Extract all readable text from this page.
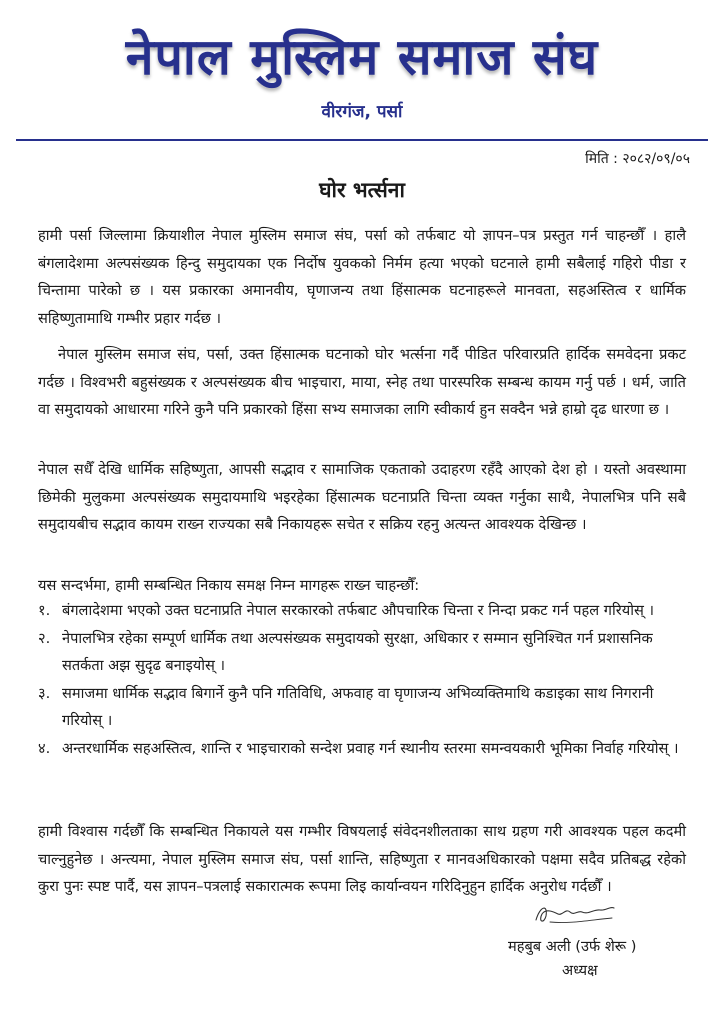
नेपाल मुस्लिम समाज संघ
वीरगंज, पर्सा
मिति : २०८२/०९/०५
घोर भर्त्सना

हामी पर्सा जिल्लामा क्रियाशील नेपाल मुस्लिम समाज संघ, पर्सा को तर्फबाट यो ज्ञापन–पत्र प्रस्तुत गर्न चाहन्छौँ । हालै बंगलादेशमा अल्पसंख्यक हिन्दु समुदायका एक निर्दोष युवकको निर्मम हत्या भएको घटनाले हामी सबैलाई गहिरो पीडा र चिन्तामा पारेको छ । यस प्रकारका अमानवीय, घृणाजन्य तथा हिंसात्मक घटनाहरूले मानवता, सहअस्तित्व र धार्मिक सहिष्णुतामाथि गम्भीर प्रहार गर्दछ ।

नेपाल मुस्लिम समाज संघ, पर्सा, उक्त हिंसात्मक घटनाको घोर भर्त्सना गर्दै पीडित परिवारप्रति हार्दिक समवेदना प्रकट गर्दछ । विश्वभरी बहुसंख्यक र अल्पसंख्यक बीच भाइचारा, माया, स्नेह तथा पारस्परिक सम्बन्ध कायम गर्नु पर्छ । धर्म, जाति वा समुदायको आधारमा गरिने कुनै पनि प्रकारको हिंसा सभ्य समाजका लागि स्वीकार्य हुन सक्दैन भन्ने हाम्रो दृढ धारणा छ ।

नेपाल सधैँ देखि धार्मिक सहिष्णुता, आपसी सद्भाव र सामाजिक एकताको उदाहरण रहँदै आएको देश हो । यस्तो अवस्थामा छिमेकी मुलुकमा अल्पसंख्यक समुदायमाथि भइरहेका हिंसात्मक घटनाप्रति चिन्ता व्यक्त गर्नुका साथै, नेपालभित्र पनि सबै समुदायबीच सद्भाव कायम राख्न राज्यका सबै निकायहरू सचेत र सक्रिय रहनु अत्यन्त आवश्यक देखिन्छ ।

यस सन्दर्भमा, हामी सम्बन्धित निकाय समक्ष निम्न मागहरू राख्न चाहन्छौँ:

१. बंगलादेशमा भएको उक्त घटनाप्रति नेपाल सरकारको तर्फबाट औपचारिक चिन्ता र निन्दा प्रकट गर्न पहल गरियोस् ।
२. नेपालभित्र रहेका सम्पूर्ण धार्मिक तथा अल्पसंख्यक समुदायको सुरक्षा, अधिकार र सम्मान सुनिश्चित गर्न प्रशासनिक सतर्कता अझ सुदृढ बनाइयोस् ।
३. समाजमा धार्मिक सद्भाव बिगार्ने कुनै पनि गतिविधि, अफवाह वा घृणाजन्य अभिव्यक्तिमाथि कडाइका साथ निगरानी गरियोस् ।
४. अन्तरधार्मिक सहअस्तित्व, शान्ति र भाइचाराको सन्देश प्रवाह गर्न स्थानीय स्तरमा समन्वयकारी भूमिका निर्वाह गरियोस् ।

हामी विश्वास गर्दछौँ कि सम्बन्धित निकायले यस गम्भीर विषयलाई संवेदनशीलताका साथ ग्रहण गरी आवश्यक पहल कदमी चाल्नुहुनेछ । अन्त्यमा, नेपाल मुस्लिम समाज संघ, पर्सा शान्ति, सहिष्णुता र मानवअधिकारको पक्षमा सदैव प्रतिबद्ध रहेको कुरा पुनः स्पष्ट पार्दै, यस ज्ञापन–पत्रलाई सकारात्मक रूपमा लिइ कार्यान्वयन गरिदिनुहुन हार्दिक अनुरोध गर्दछौँ ।

महबुब अली (उर्फ शेरू )
अध्यक्ष
